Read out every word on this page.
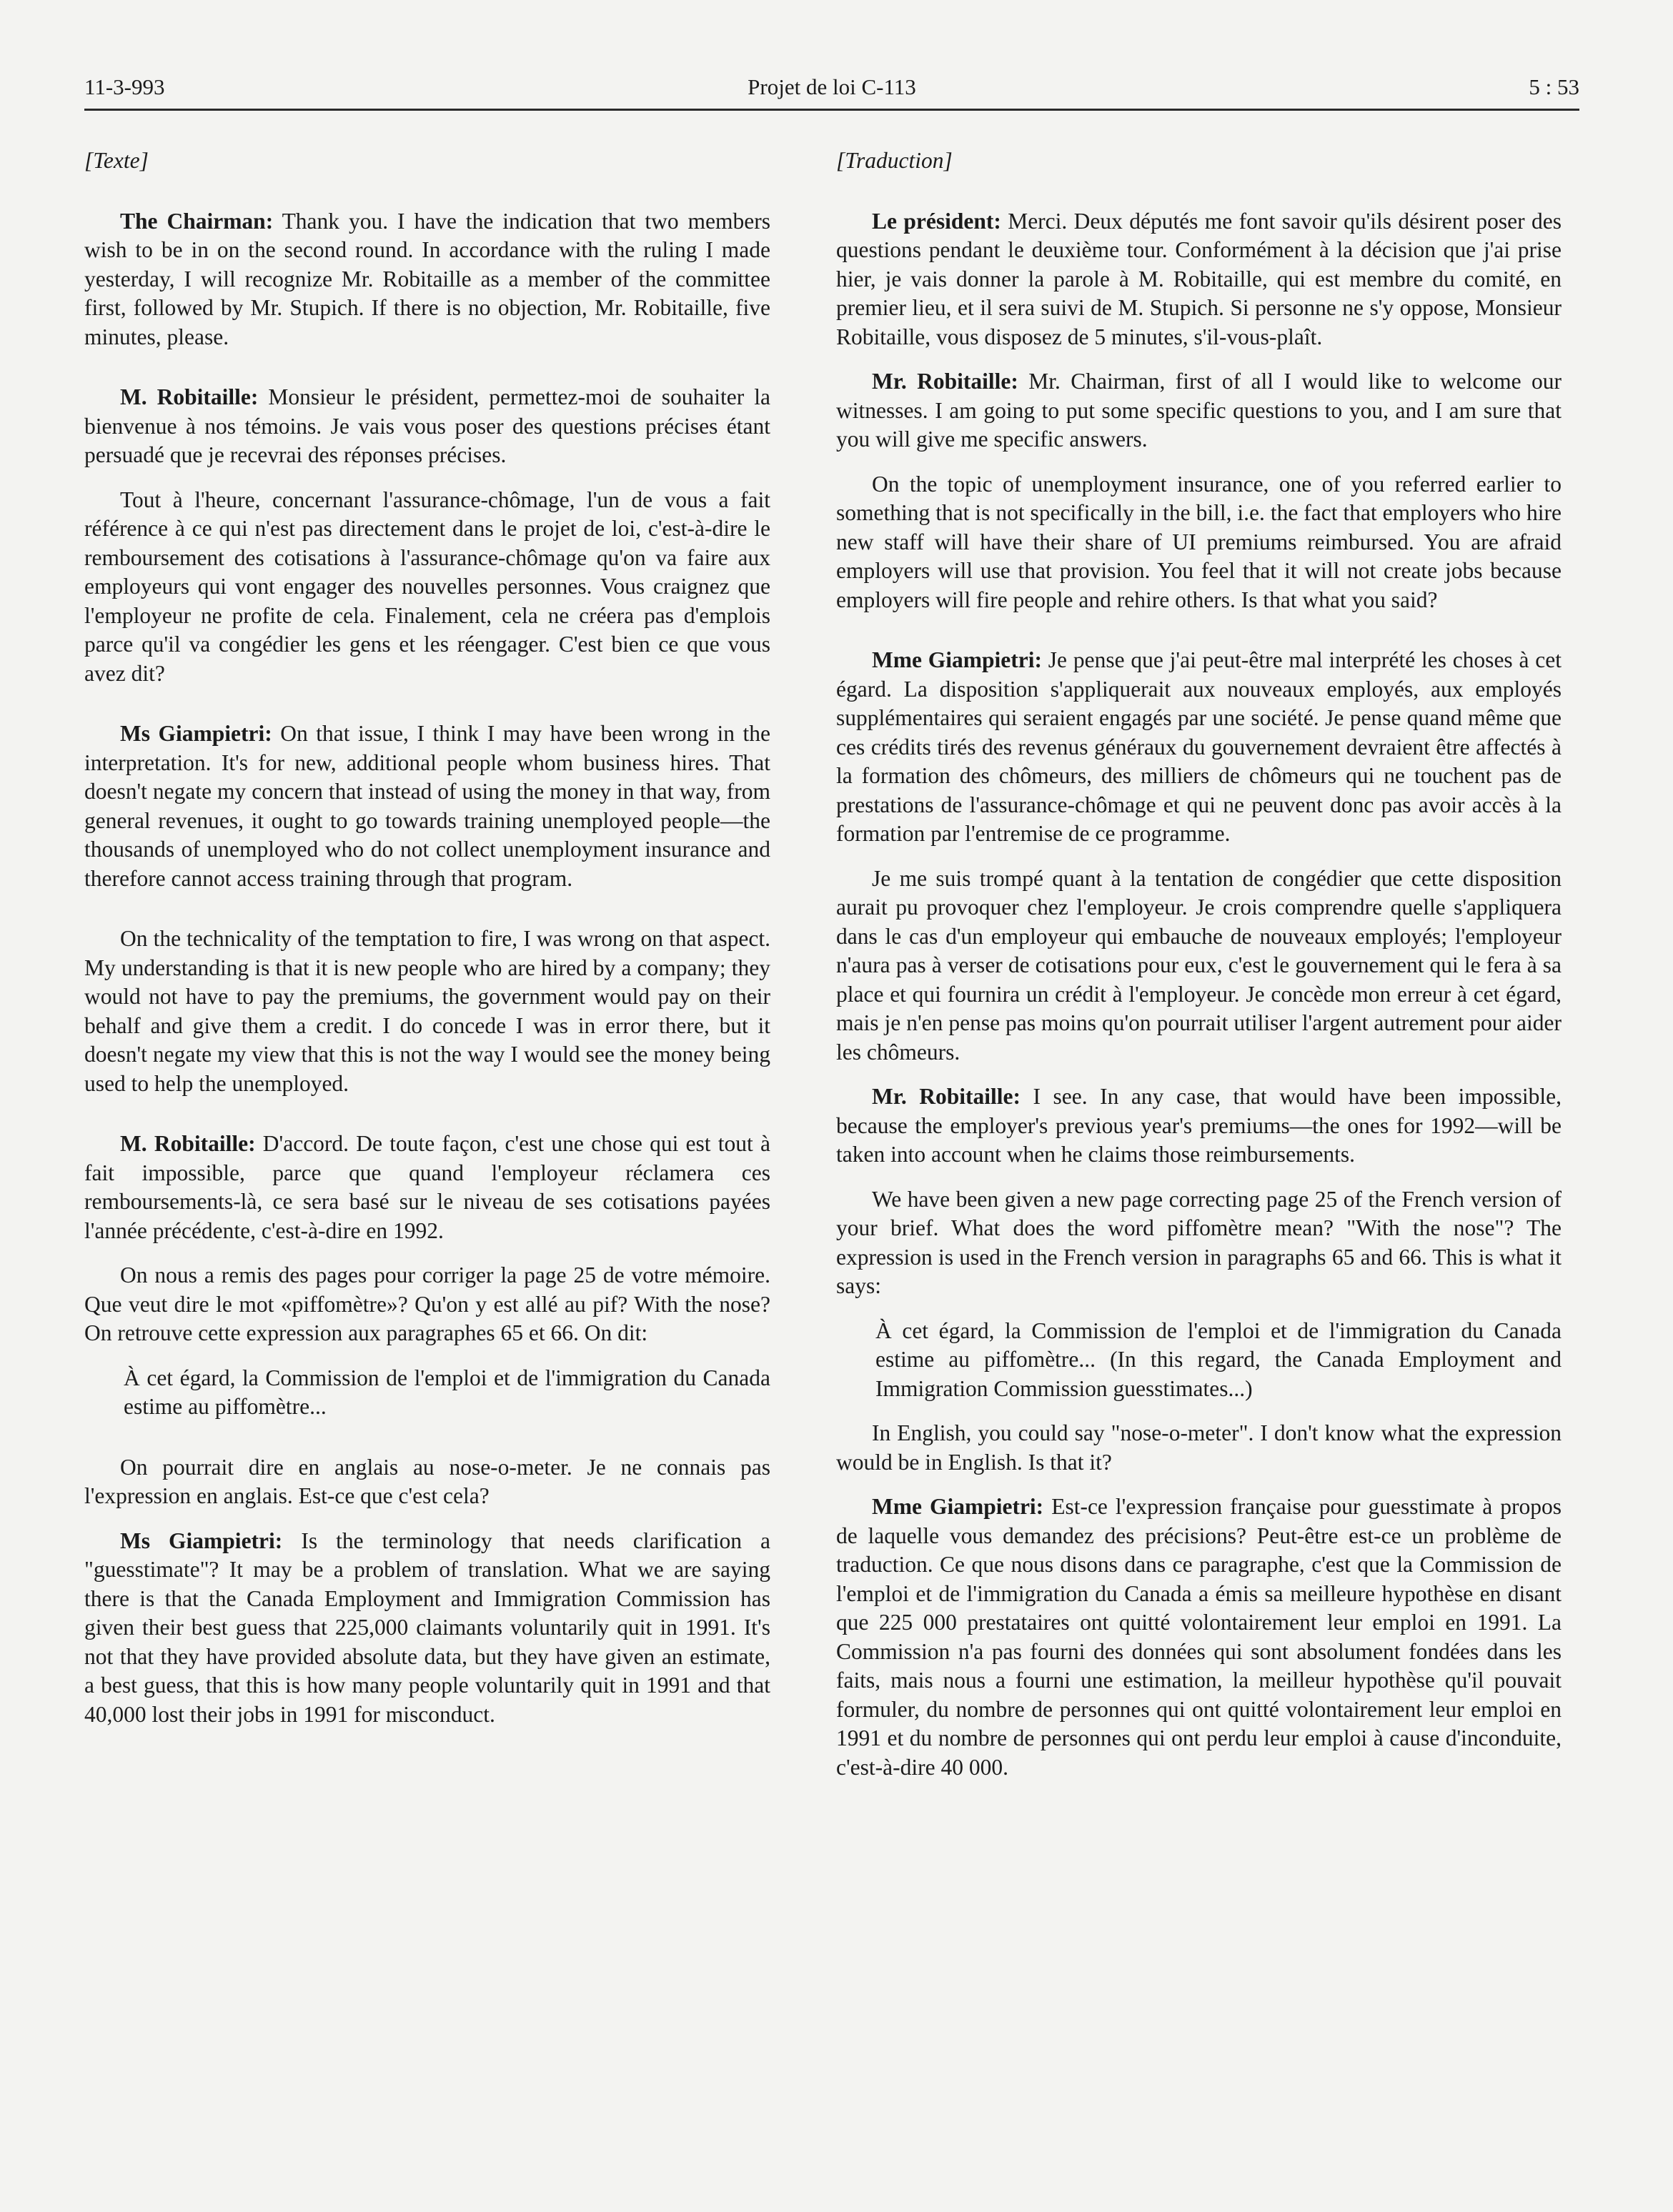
11-3-993	Projet de loi C-113	5 : 53
[Texte]

The Chairman: Thank you. I have the indication that two members wish to be in on the second round. In accordance with the ruling I made yesterday, I will recognize Mr. Robitaille as a member of the committee first, followed by Mr. Stupich. If there is no objection, Mr. Robitaille, five minutes, please.

M. Robitaille: Monsieur le président, permettez-moi de souhaiter la bienvenue à nos témoins. Je vais vous poser des questions précises étant persuadé que je recevrai des réponses précises.

Tout à l'heure, concernant l'assurance-chômage, l'un de vous a fait référence à ce qui n'est pas directement dans le projet de loi, c'est-à-dire le remboursement des cotisations à l'assurance-chômage qu'on va faire aux employeurs qui vont engager des nouvelles personnes. Vous craignez que l'employeur ne profite de cela. Finalement, cela ne créera pas d'emplois parce qu'il va congédier les gens et les réengager. C'est bien ce que vous avez dit?

Ms Giampietri: On that issue, I think I may have been wrong in the interpretation. It's for new, additional people whom business hires. That doesn't negate my concern that instead of using the money in that way, from general revenues, it ought to go towards training unemployed people—the thousands of unemployed who do not collect unemployment insurance and therefore cannot access training through that program.

On the technicality of the temptation to fire, I was wrong on that aspect. My understanding is that it is new people who are hired by a company; they would not have to pay the premiums, the government would pay on their behalf and give them a credit. I do concede I was in error there, but it doesn't negate my view that this is not the way I would see the money being used to help the unemployed.

M. Robitaille: D'accord. De toute façon, c'est une chose qui est tout à fait impossible, parce que quand l'employeur réclamera ces remboursements-là, ce sera basé sur le niveau de ses cotisations payées l'année précédente, c'est-à-dire en 1992.

On nous a remis des pages pour corriger la page 25 de votre mémoire. Que veut dire le mot «piffomètre»? Qu'on y est allé au pif? With the nose? On retrouve cette expression aux paragraphes 65 et 66. On dit:

À cet égard, la Commission de l'emploi et de l'immigration du Canada estime au piffomètre...

On pourrait dire en anglais au nose-o-meter. Je ne connais pas l'expression en anglais. Est-ce que c'est cela?

Ms Giampietri: Is the terminology that needs clarification a "guesstimate"? It may be a problem of translation. What we are saying there is that the Canada Employment and Immigration Commission has given their best guess that 225,000 claimants voluntarily quit in 1991. It's not that they have provided absolute data, but they have given an estimate, a best guess, that this is how many people voluntarily quit in 1991 and that 40,000 lost their jobs in 1991 for misconduct.

[Traduction]

Le président: Merci. Deux députés me font savoir qu'ils désirent poser des questions pendant le deuxième tour. Conformément à la décision que j'ai prise hier, je vais donner la parole à M. Robitaille, qui est membre du comité, en premier lieu, et il sera suivi de M. Stupich. Si personne ne s'y oppose, Monsieur Robitaille, vous disposez de 5 minutes, s'il-vous-plaît.

Mr. Robitaille: Mr. Chairman, first of all I would like to welcome our witnesses. I am going to put some specific questions to you, and I am sure that you will give me specific answers.

On the topic of unemployment insurance, one of you referred earlier to something that is not specifically in the bill, i.e. the fact that employers who hire new staff will have their share of UI premiums reimbursed. You are afraid employers will use that provision. You feel that it will not create jobs because employers will fire people and rehire others. Is that what you said?

Mme Giampietri: Je pense que j'ai peut-être mal interprété les choses à cet égard. La disposition s'appliquerait aux nouveaux employés, aux employés supplémentaires qui seraient engagés par une société. Je pense quand même que ces crédits tirés des revenus généraux du gouvernement devraient être affectés à la formation des chômeurs, des milliers de chômeurs qui ne touchent pas de prestations de l'assurance-chômage et qui ne peuvent donc pas avoir accès à la formation par l'entremise de ce programme.

Je me suis trompé quant à la tentation de congédier que cette disposition aurait pu provoquer chez l'employeur. Je crois comprendre quelle s'appliquera dans le cas d'un employeur qui embauche de nouveaux employés; l'employeur n'aura pas à verser de cotisations pour eux, c'est le gouvernement qui le fera à sa place et qui fournira un crédit à l'employeur. Je concède mon erreur à cet égard, mais je n'en pense pas moins qu'on pourrait utiliser l'argent autrement pour aider les chômeurs.

Mr. Robitaille: I see. In any case, that would have been impossible, because the employer's previous year's premiums—the ones for 1992—will be taken into account when he claims those reimbursements.

We have been given a new page correcting page 25 of the French version of your brief. What does the word piffomètre mean? "With the nose"? The expression is used in the French version in paragraphs 65 and 66. This is what it says:

À cet égard, la Commission de l'emploi et de l'immigration du Canada estime au piffomètre... (In this regard, the Canada Employment and Immigration Commission guesstimates...)

In English, you could say "nose-o-meter". I don't know what the expression would be in English. Is that it?

Mme Giampietri: Est-ce l'expression française pour guesstimate à propos de laquelle vous demandez des précisions? Peut-être est-ce un problème de traduction. Ce que nous disons dans ce paragraphe, c'est que la Commission de l'emploi et de l'immigration du Canada a émis sa meilleure hypothèse en disant que 225 000 prestataires ont quitté volontairement leur emploi en 1991. La Commission n'a pas fourni des données qui sont absolument fondées dans les faits, mais nous a fourni une estimation, la meilleur hypothèse qu'il pouvait formuler, du nombre de personnes qui ont quitté volontairement leur emploi en 1991 et du nombre de personnes qui ont perdu leur emploi à cause d'inconduite, c'est-à-dire 40 000.
